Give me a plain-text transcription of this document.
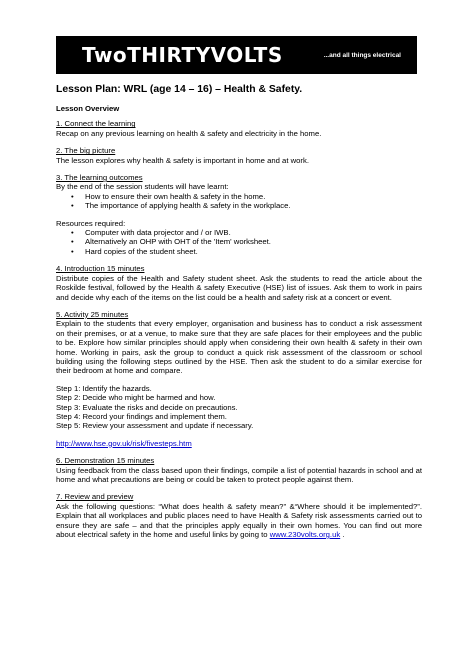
TwoTHIRTYVOLTS	...and all things electrical

Lesson Plan: WRL (age 14 – 16) – Health & Safety.

Lesson Overview

1. Connect the learning

Recap on any previous learning on health & safety and electricity in the home.

2. The big picture

The lesson explores why health & safety is important in home and at work.

3. The learning outcomes

By the end of the session students will have learnt:

• How to ensure their own health & safety in the home.
• The importance of applying health & safety in the workplace.

Resources required:

• Computer with data projector and / or IWB.
• Alternatively an OHP with OHT of the 'Item' worksheet.
• Hard copies of the student sheet.

4. Introduction 15 minutes

Distribute copies of the Health and Safety student sheet. Ask the students to read the article about the Roskilde festival, followed by the Health & safety Executive (HSE) list of issues. Ask them to work in pairs and decide why each of the items on the list could be a health and safety risk at a concert or event.

5. Activity 25 minutes

Explain to the students that every employer, organisation and business has to conduct a risk assessment on their premises, or at a venue, to make sure that they are safe places for their employees and the public to be. Explore how similar principles should apply when considering their own health & safety in their own home. Working in pairs, ask the group to conduct a quick risk assessment of the classroom or school building using the following steps outlined by the HSE. Then ask the student to do a similar exercise for their bedroom at home and compare.

Step 1: Identify the hazards.

Step 2: Decide who might be harmed and how.

Step 3: Evaluate the risks and decide on precautions.

Step 4: Record your findings and implement them.

Step 5: Review your assessment and update if necessary.

http://www.hse.gov.uk/risk/fivesteps.htm

6. Demonstration 15 minutes

Using feedback from the class based upon their findings, compile a list of potential hazards in school and at home and what precautions are being or could be taken to protect people against them.

7. Review and preview

Ask the following questions: “What does health & safety mean?” &“Where should it be implemented?”. Explain that all workplaces and public places need to have Health & Safety risk assessments carried out to ensure they are safe – and that the principles apply equally in their own homes. You can find out more about electrical safety in the home and useful links by going to www.230volts.org.uk .
